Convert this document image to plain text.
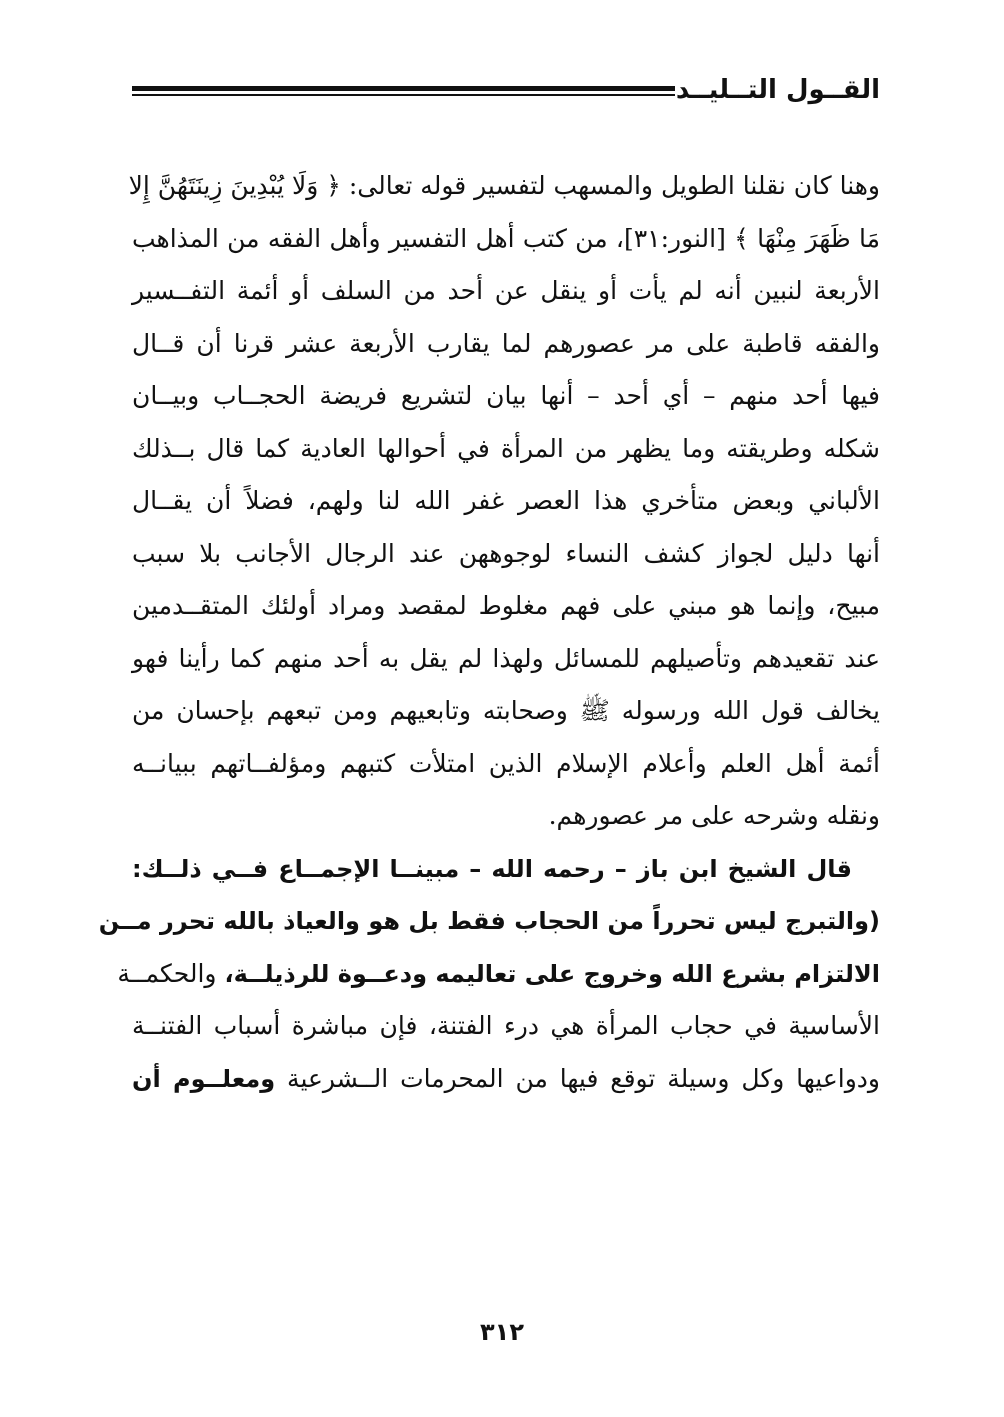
القــول التــليــد
وهنا كان نقلنا الطويل والمسهب لتفسير قوله تعالى: ﴿ وَلَا يُبْدِينَ زِينَتَهُنَّ إِلا
مَا ظَهَرَ مِنْهَا ﴾ [النور:٣١]، من كتب أهل التفسير وأهل الفقه من المذاهب
الأربعة لنبين أنه لم يأت أو ينقل عن أحد من السلف أو أئمة التفــسير
والفقه قاطبة على مر عصورهم لما يقارب الأربعة عشر قرنا أن قــال
فيها أحد منهم – أي أحد – أنها بيان لتشريع فريضة الحجــاب وبيــان
شكله وطريقته وما يظهر من المرأة في أحوالها العادية كما قال بــذلك
الألباني وبعض متأخري هذا العصر غفر الله لنا ولهم، فضلاً أن يقــال
أنها دليل لجواز كشف النساء لوجوههن عند الرجال الأجانب بلا سبب
مبيح، وإنما هو مبني على فهم مغلوط لمقصد ومراد أولئك المتقــدمين
عند تقعيدهم وتأصيلهم للمسائل ولهذا لم يقل به أحد منهم كما رأينا فهو
يخالف قول الله ورسوله ﷺ وصحابته وتابعيهم ومن تبعهم بإحسان من
أئمة أهل العلم وأعلام الإسلام الذين امتلأت كتبهم ومؤلفــاتهم ببيانــه
ونقله وشرحه على مر عصورهم.
قال الشيخ ابن باز – رحمه الله – مبينــا الإجمــاع فــي ذلــك:
(والتبرج ليس تحرراً من الحجاب فقط بل هو والعياذ بالله تحرر مــن
الالتزام بشرع الله وخروج على تعاليمه ودعــوة للرذيلــة، والحكمــة
الأساسية في حجاب المرأة هي درء الفتنة، فإن مباشرة أسباب الفتنــة
ودواعيها وكل وسيلة توقع فيها من المحرمات الــشرعية ومعلــوم أن
٣١٢
